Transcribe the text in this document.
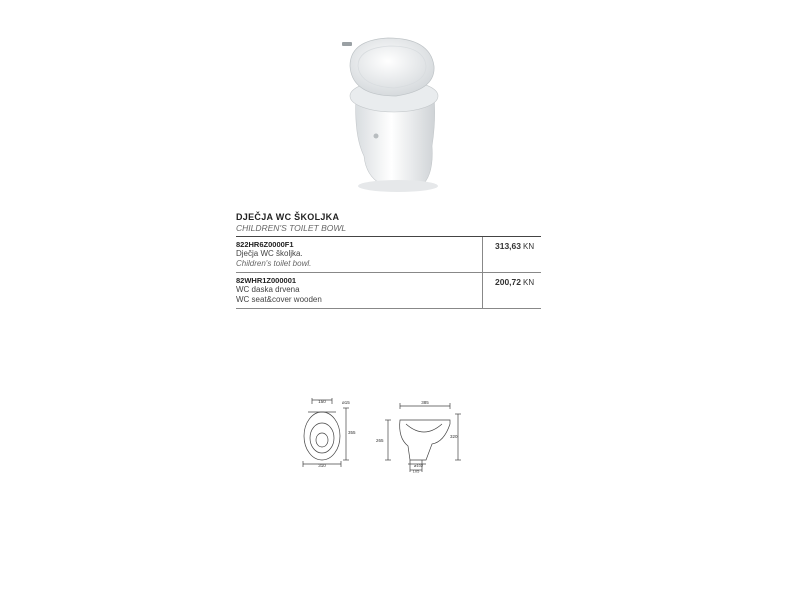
DJEČJA WC ŠKOLJKA
CHILDREN'S TOILET BOWL
822HR6Z0000F1
Dječja WC školjka.
Children's toilet bowl.
313,63 KN
82WHR1Z000001
WC daska drvena
WC seat&cover wooden
200,72 KN
150	ø15
355
310
385
265
320
ø102
105
